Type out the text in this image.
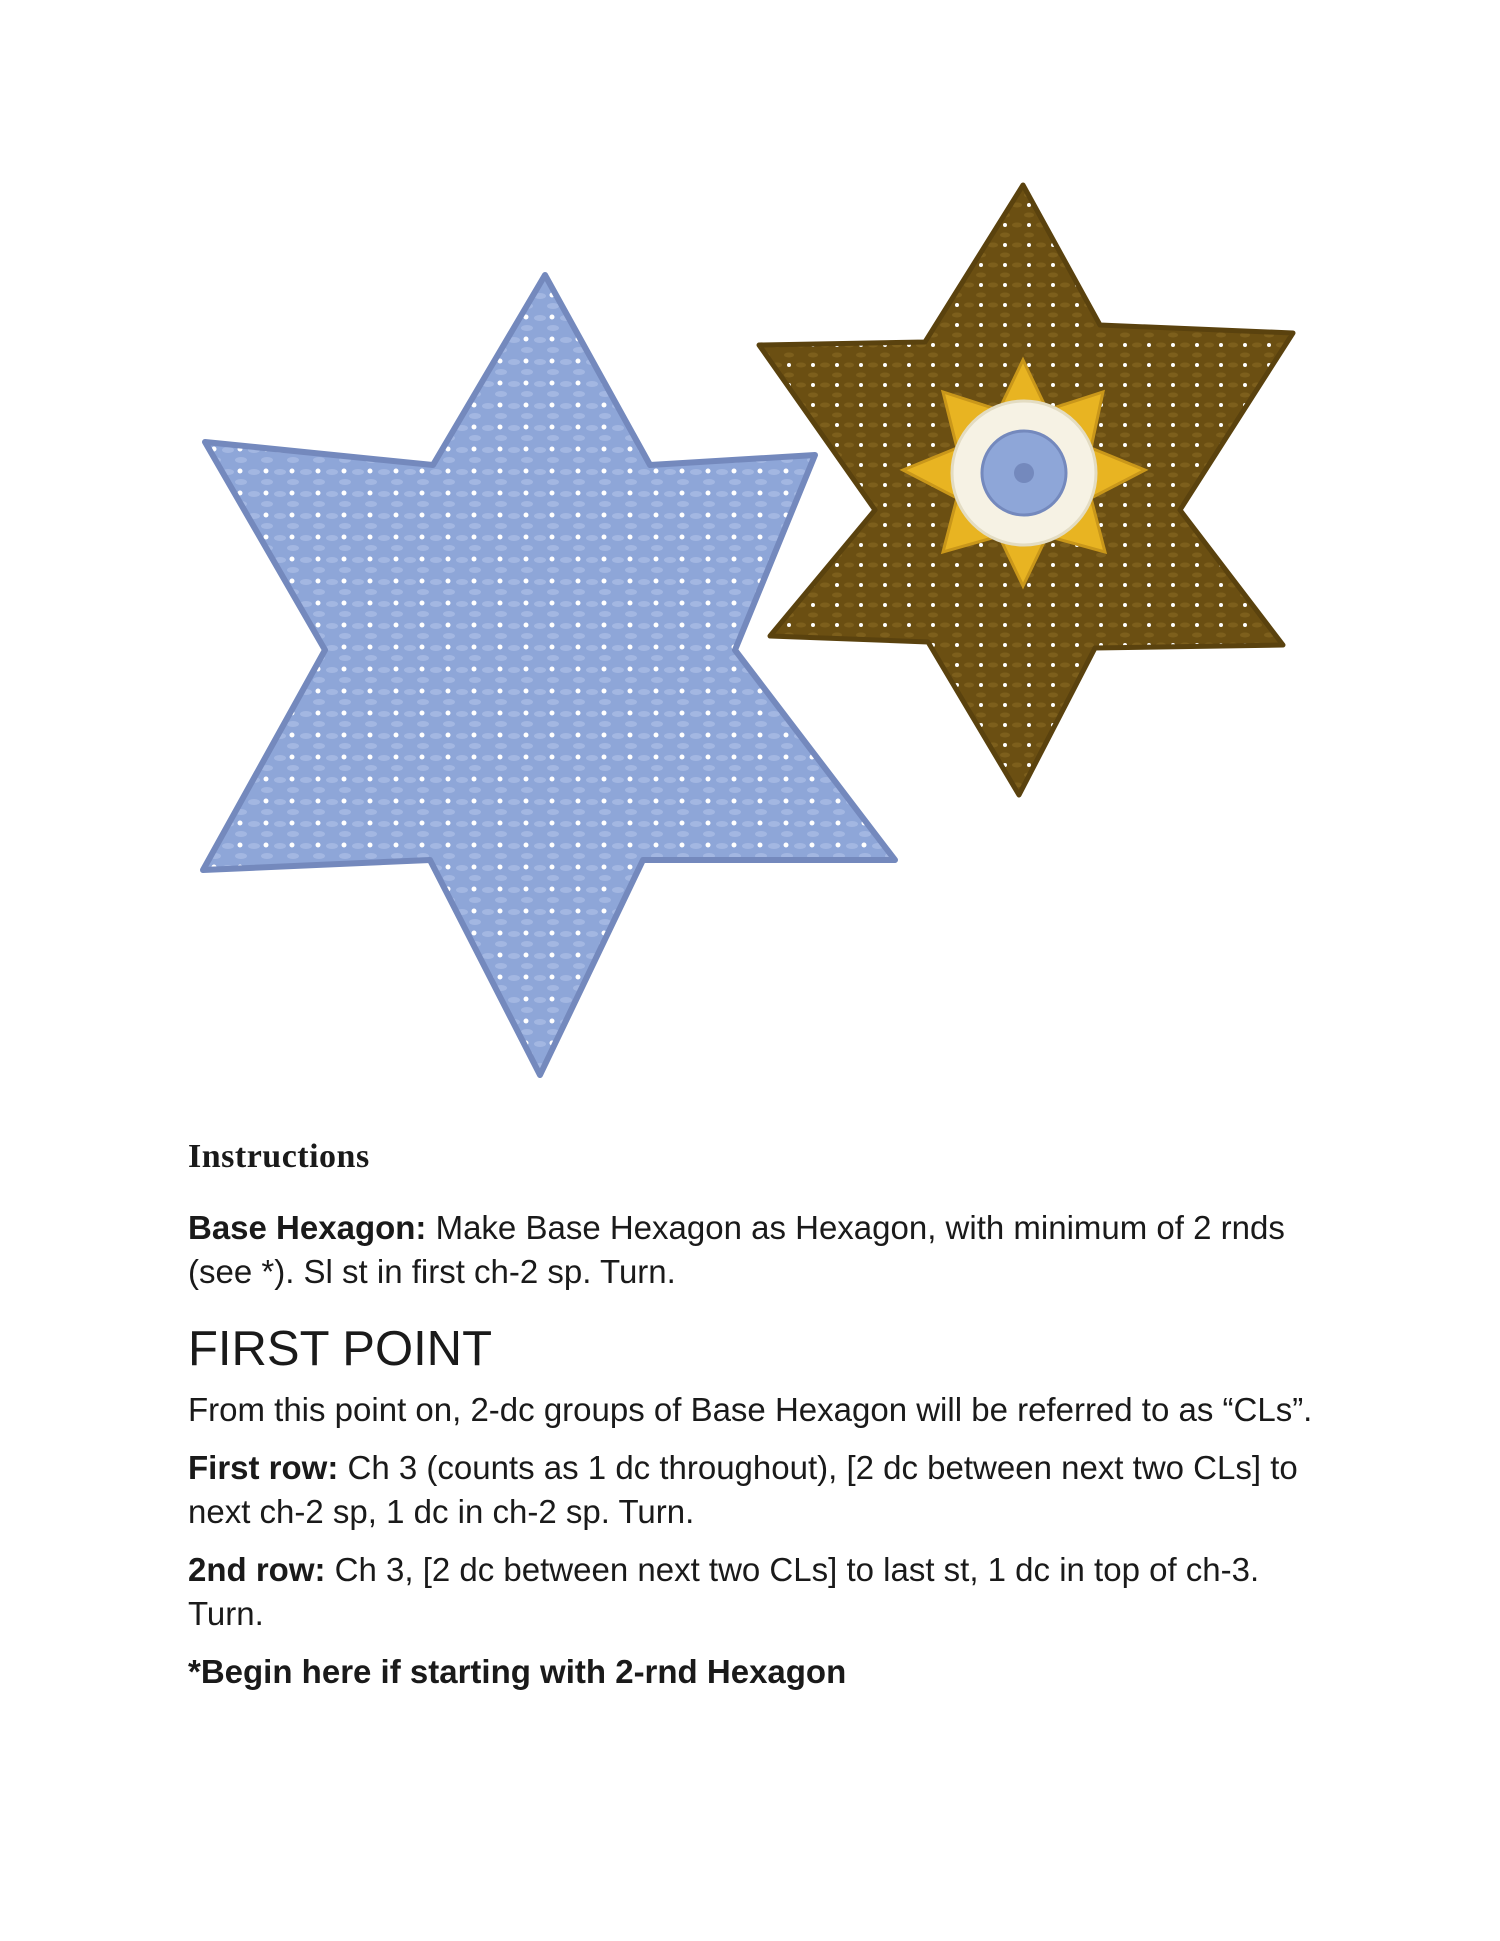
Instructions

Base Hexagon: Make Base Hexagon as Hexagon, with minimum of 2 rnds (see *). Sl st in first ch-2 sp. Turn.

FIRST POINT

From this point on, 2-dc groups of Base Hexagon will be referred to as “CLs”.

First row: Ch 3 (counts as 1 dc throughout), [2 dc between next two CLs] to next ch-2 sp, 1 dc in ch-2 sp. Turn.

2nd row: Ch 3, [2 dc between next two CLs] to last st, 1 dc in top of ch-3. Turn.

*Begin here if starting with 2-rnd Hexagon
